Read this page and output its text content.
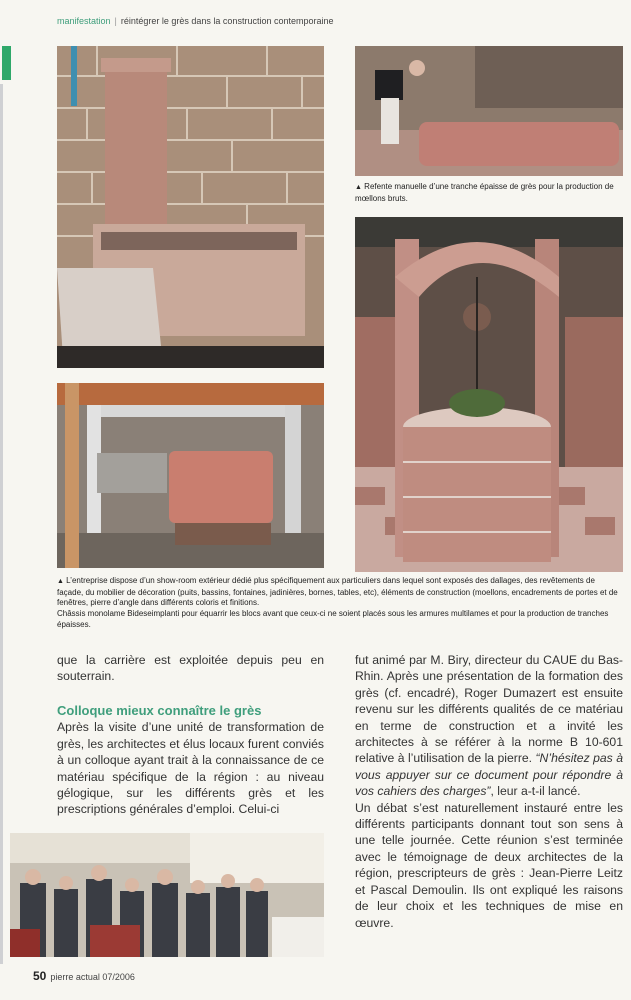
manifestation | réintégrer le grès dans la construction contemporaine
▲ Refente manuelle d’une tranche épaisse de grès pour la production de mœllons bruts.
▲ L’entreprise dispose d’un show-room extérieur dédié plus spécifiquement aux particuliers dans lequel sont exposés des dallages, des revêtements de façade, du mobilier de décoration (puits, bassins, fontaines, jadinières, bornes, tables, etc), éléments de construction (moellons, encadrements de portes et de fenêtres, pierre d’angle dans différents coloris et finitions.
Châssis monolame Bideseimplanti pour équarrir les blocs avant que ceux-ci ne soient placés sous les armures multilames et pour la production de tranches épaisses.

que la carrière est exploitée depuis peu en souterrain.

Colloque mieux connaître le grès

Après la visite d’une unité de transformation de grès, les architectes et élus locaux furent conviés à un colloque ayant trait à la connaissance de ce matériau spécifique de la région : au niveau gélogique, sur les différents grès et les prescriptions générales d’emploi. Celui-ci

fut animé par M. Biry, directeur du CAUE du Bas-Rhin. Après une présentation de la formation des grès (cf. encadré), Roger Dumazert est ensuite revenu sur les différents qualités de ce matériau en terme de construction et a invité les architectes à se référer à la norme B 10-601 relative à l’utilisation de la pierre. “N’hésitez pas à vous appuyer sur ce document pour répondre à vos cahiers des charges”, leur a-t-il lancé.

Un débat s’est naturellement instauré entre les différents participants donnant tout son sens à une telle journée. Cette réunion s’est terminée avec le témoignage de deux architectes de la région, prescripteurs de grès : Jean-Pierre Leitz et Pascal Demoulin. Ils ont expliqué les raisons de leur choix et les techniques de mise en œuvre.

50 pierre actual 07/2006
